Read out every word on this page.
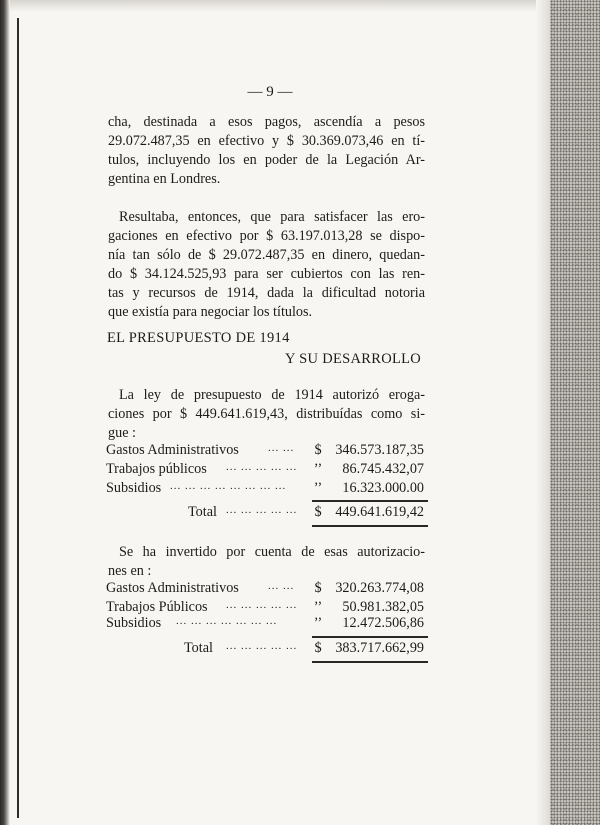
— 9 —
cha, destinada a esos pagos, ascendía a pesos
29.072.487,35 en efectivo y $ 30.369.073,46 en tí-
tulos, incluyendo los en poder de la Legación Ar-
gentina en Londres.
Resultaba, entonces, que para satisfacer las ero-
gaciones en efectivo por $ 63.197.013,28 se dispo-
nía tan sólo de $ 29.072.487,35 en dinero, quedan-
do $ 34.124.525,93 para ser cubiertos con las ren-
tas y recursos de 1914, dada la dificultad notoria
que existía para negociar los títulos.
EL PRESUPUESTO DE 1914
Y SU DESARROLLO
La ley de presupuesto de 1914 autorizó eroga-
ciones por $ 449.641.619,43, distribuídas como si-
gue :
Gastos Administrativos	... ... $ 346.573.187,35
Trabajos públicos ... ... ... ... ... ’’ 86.745.432,07
Subsidios ... ... ... ... ... ... ... ... ’’ 16.323.000.00
Total ... ... ... ... ... $ 449.641.619,42
Se ha invertido por cuenta de esas autorizacio-
nes en :
Gastos Administrativos	... ... $ 320.263.774,08
Trabajos Públicos ... ... ... ... ... ’’ 50.981.382,05
Subsidios ... ... ... ... ... ... ...	’’ 12.472.506,86
Total ... ... ... ... ... $ 383.717.662,99
